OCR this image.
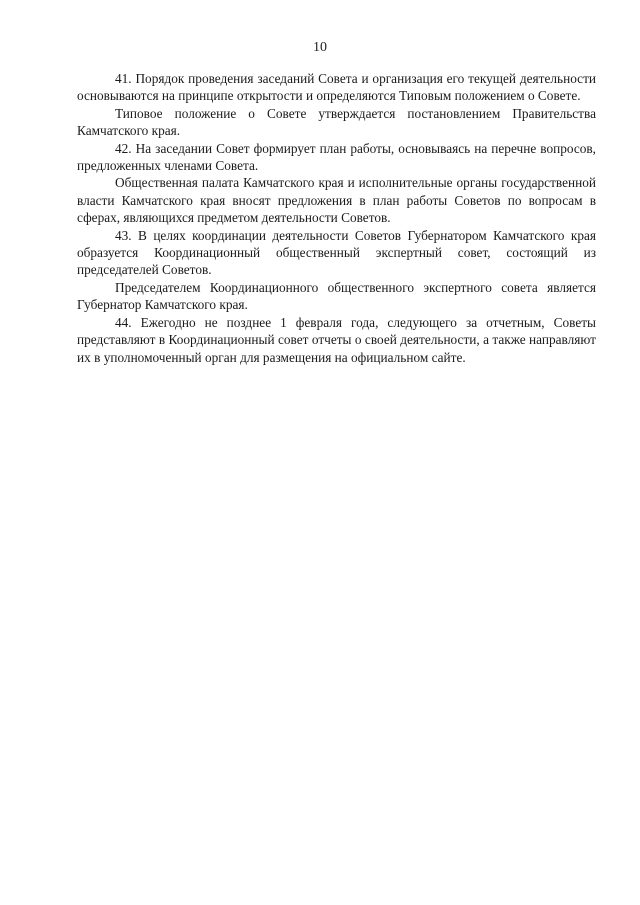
10

41. Порядок проведения заседаний Совета и организация его текущей деятельности основываются на принципе открытости и определяются Типовым положением о Совете.

Типовое положение о Совете утверждается постановлением Правительства Камчатского края.

42. На заседании Совет формирует план работы, основываясь на перечне вопросов, предложенных членами Совета.

Общественная палата Камчатского края и исполнительные органы государственной власти Камчатского края вносят предложения в план работы Советов по вопросам в сферах, являющихся предметом деятельности Советов.

43. В целях координации деятельности Советов Губернатором Камчатского края образуется Координационный общественный экспертный совет, состоящий из председателей Советов.

Председателем Координационного общественного экспертного совета является Губернатор Камчатского края.

44. Ежегодно не позднее 1 февраля года, следующего за отчетным, Советы представляют в Координационный совет отчеты о своей деятельности, а также направляют их в уполномоченный орган для размещения на официальном сайте.
